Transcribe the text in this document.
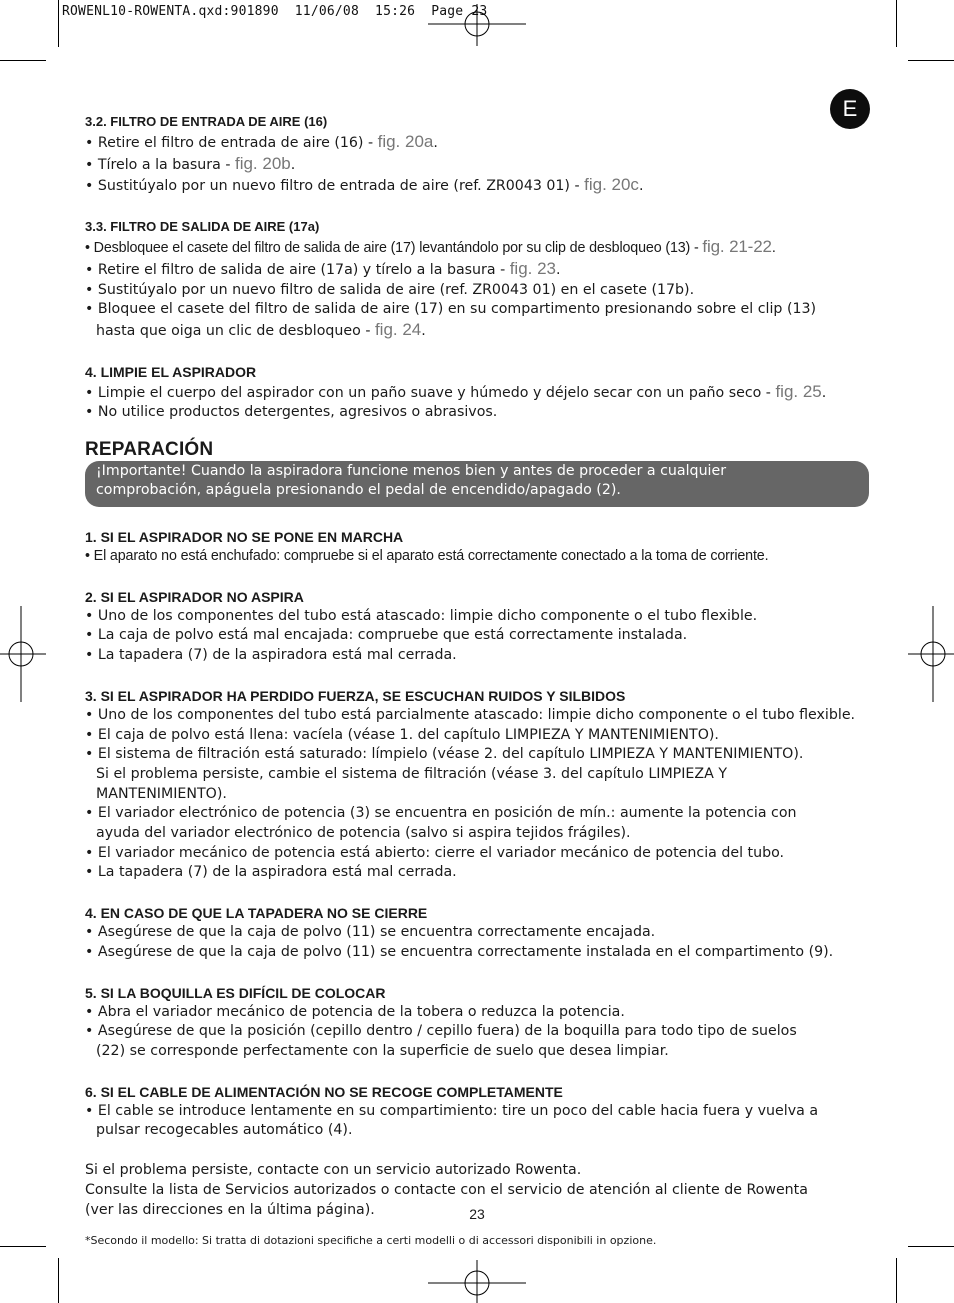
ROWENL10-ROWENTA.qxd:901890  11/06/08  15:26  Page 23
E

3.2. FILTRO DE ENTRADA DE AIRE (16)

• Retire el filtro de entrada de aire (16) - fig. 20a.

• Tírelo a la basura - fig. 20b.

• Sustitúyalo por un nuevo filtro de entrada de aire (ref. ZR0043 01) - fig. 20c.

3.3. FILTRO DE SALIDA DE AIRE (17a)

• Desbloquee el casete del filtro de salida de aire (17) levantándolo por su clip de desbloqueo (13) - fig. 21-22.

• Retire el filtro de salida de aire (17a) y tírelo a la basura - fig. 23.

• Sustitúyalo por un nuevo filtro de salida de aire (ref. ZR0043 01) en el casete (17b).

• Bloquee el casete del filtro de salida de aire (17) en su compartimento presionando sobre el clip (13)

hasta que oiga un clic de desbloqueo - fig. 24.

4. LIMPIE EL ASPIRADOR

• Limpie el cuerpo del aspirador con un paño suave y húmedo y déjelo secar con un paño seco - fig. 25.

• No utilice productos detergentes, agresivos o abrasivos.

REPARACIÓN

¡Importante! Cuando la aspiradora funcione menos bien y antes de proceder a cualquier

comprobación, apáguela presionando el pedal de encendido/apagado (2).

1. SI EL ASPIRADOR NO SE PONE EN MARCHA

• El aparato no está enchufado: compruebe si el aparato está correctamente conectado a la toma de corriente.

2. SI EL ASPIRADOR NO ASPIRA

• Uno de los componentes del tubo está atascado: limpie dicho componente o el tubo flexible.

• La caja de polvo está mal encajada: compruebe que está correctamente instalada.

• La tapadera (7) de la aspiradora está mal cerrada.

3. SI EL ASPIRADOR HA PERDIDO FUERZA, SE ESCUCHAN RUIDOS Y SILBIDOS

• Uno de los componentes del tubo está parcialmente atascado: limpie dicho componente o el tubo flexible.

• El caja de polvo está llena: vacíela (véase 1. del capítulo LIMPIEZA Y MANTENIMIENTO).

• El sistema de filtración está saturado: límpielo (véase 2. del capítulo LIMPIEZA Y MANTENIMIENTO).

Si el problema persiste, cambie el sistema de filtración (véase 3. del capítulo LIMPIEZA Y

MANTENIMIENTO).

• El variador electrónico de potencia (3) se encuentra en posición de mín.: aumente la potencia con

ayuda del variador electrónico de potencia (salvo si aspira tejidos frágiles).

• El variador mecánico de potencia está abierto: cierre el variador mecánico de potencia del tubo.

• La tapadera (7) de la aspiradora está mal cerrada.

4. EN CASO DE QUE LA TAPADERA NO SE CIERRE

• Asegúrese de que la caja de polvo (11) se encuentra correctamente encajada.

• Asegúrese de que la caja de polvo (11) se encuentra correctamente instalada en el compartimento (9).

5. SI LA BOQUILLA ES DIFÍCIL DE COLOCAR

• Abra el variador mecánico de potencia de la tobera o reduzca la potencia.

• Asegúrese de que la posición (cepillo dentro / cepillo fuera) de la boquilla para todo tipo de suelos

(22) se corresponde perfectamente con la superficie de suelo que desea limpiar.

6. SI EL CABLE DE ALIMENTACIÓN NO SE RECOGE COMPLETAMENTE

• El cable se introduce lentamente en su compartimiento: tire un poco del cable hacia fuera y vuelva a

pulsar recogecables automático (4).

Si el problema persiste, contacte con un servicio autorizado Rowenta.

Consulte la lista de Servicios autorizados o contacte con el servicio de atención al cliente de Rowenta

(ver las direcciones en la última página).

*Secondo il modello: Si tratta di dotazioni specifiche a certi modelli o di accessori disponibili in opzione.

23
